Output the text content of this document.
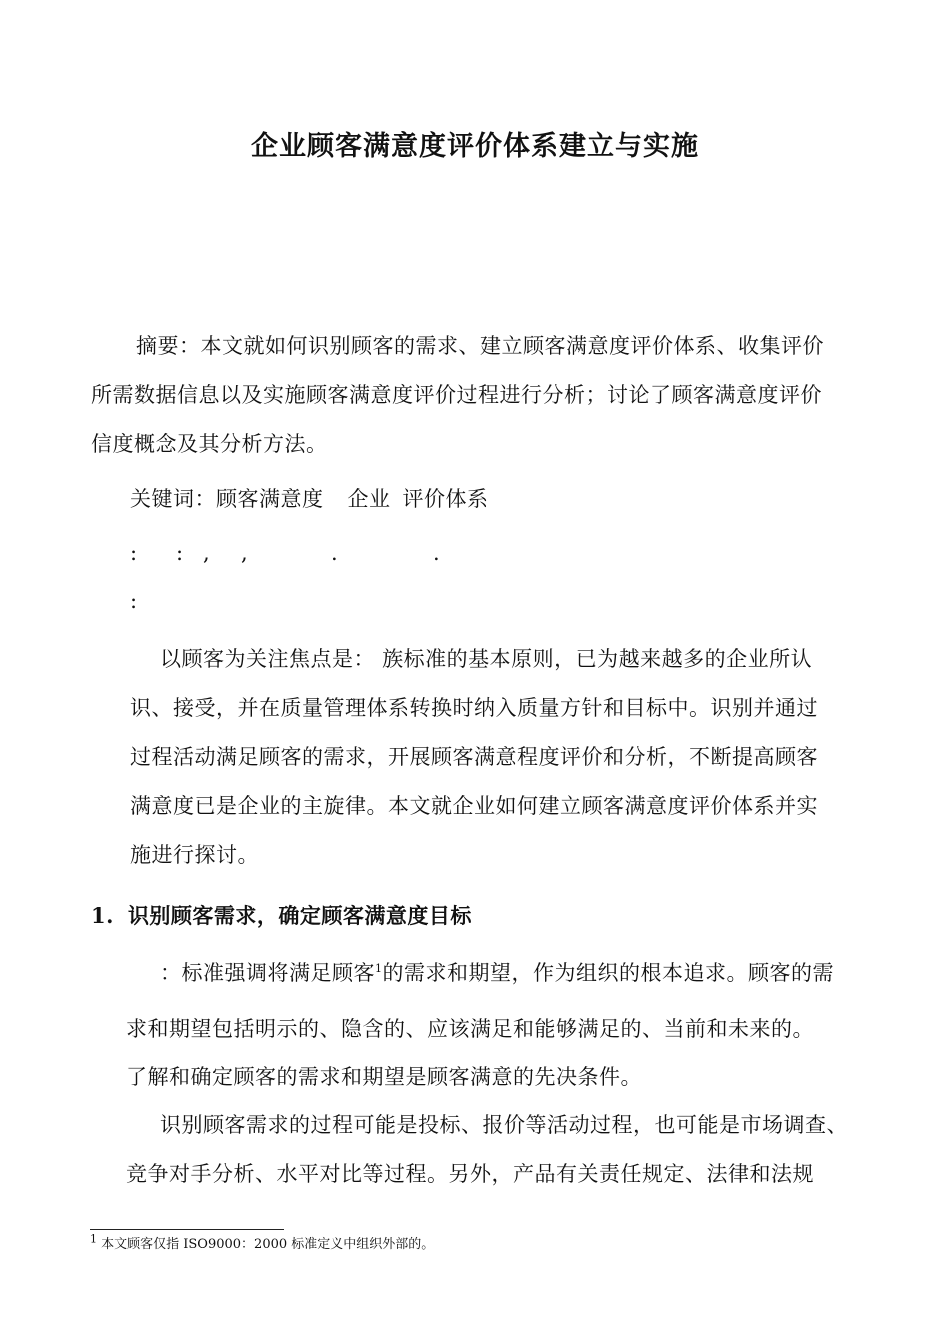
企业顾客满意度评价体系建立与实施
摘要：本文就如何识别顾客的需求、建立顾客满意度评价体系、收集评价
所需数据信息以及实施顾客满意度评价过程进行分析；讨论了顾客满意度评价
信度概念及其分析方法。
关键词：顾客满意度 企业 评价体系
: : , ,	.	.
:
以顾客为关注焦点是： 族标准的基本原则，已为越来越多的企业所认
识、接受，并在质量管理体系转换时纳入质量方针和目标中。识别并通过
过程活动满足顾客的需求，开展顾客满意程度评价和分析，不断提高顾客
满意度已是企业的主旋律。本文就企业如何建立顾客满意度评价体系并实
施进行探讨。
1. 识别顾客需求，确定顾客满意度目标
：标准强调将满足顾客$^1$的需求和期望，作为组织的根本追求。顾客的需
求和期望包括明示的、隐含的、应该满足和能够满足的、当前和未来的。
了解和确定顾客的需求和期望是顾客满意的先决条件。
识别顾客需求的过程可能是投标、报价等活动过程，也可能是市场调查、
竞争对手分析、水平对比等过程。另外，产品有关责任规定、法律和法规
$^1$ 本文顾客仅指 ISO9000：2000 标准定义中组织外部的。
